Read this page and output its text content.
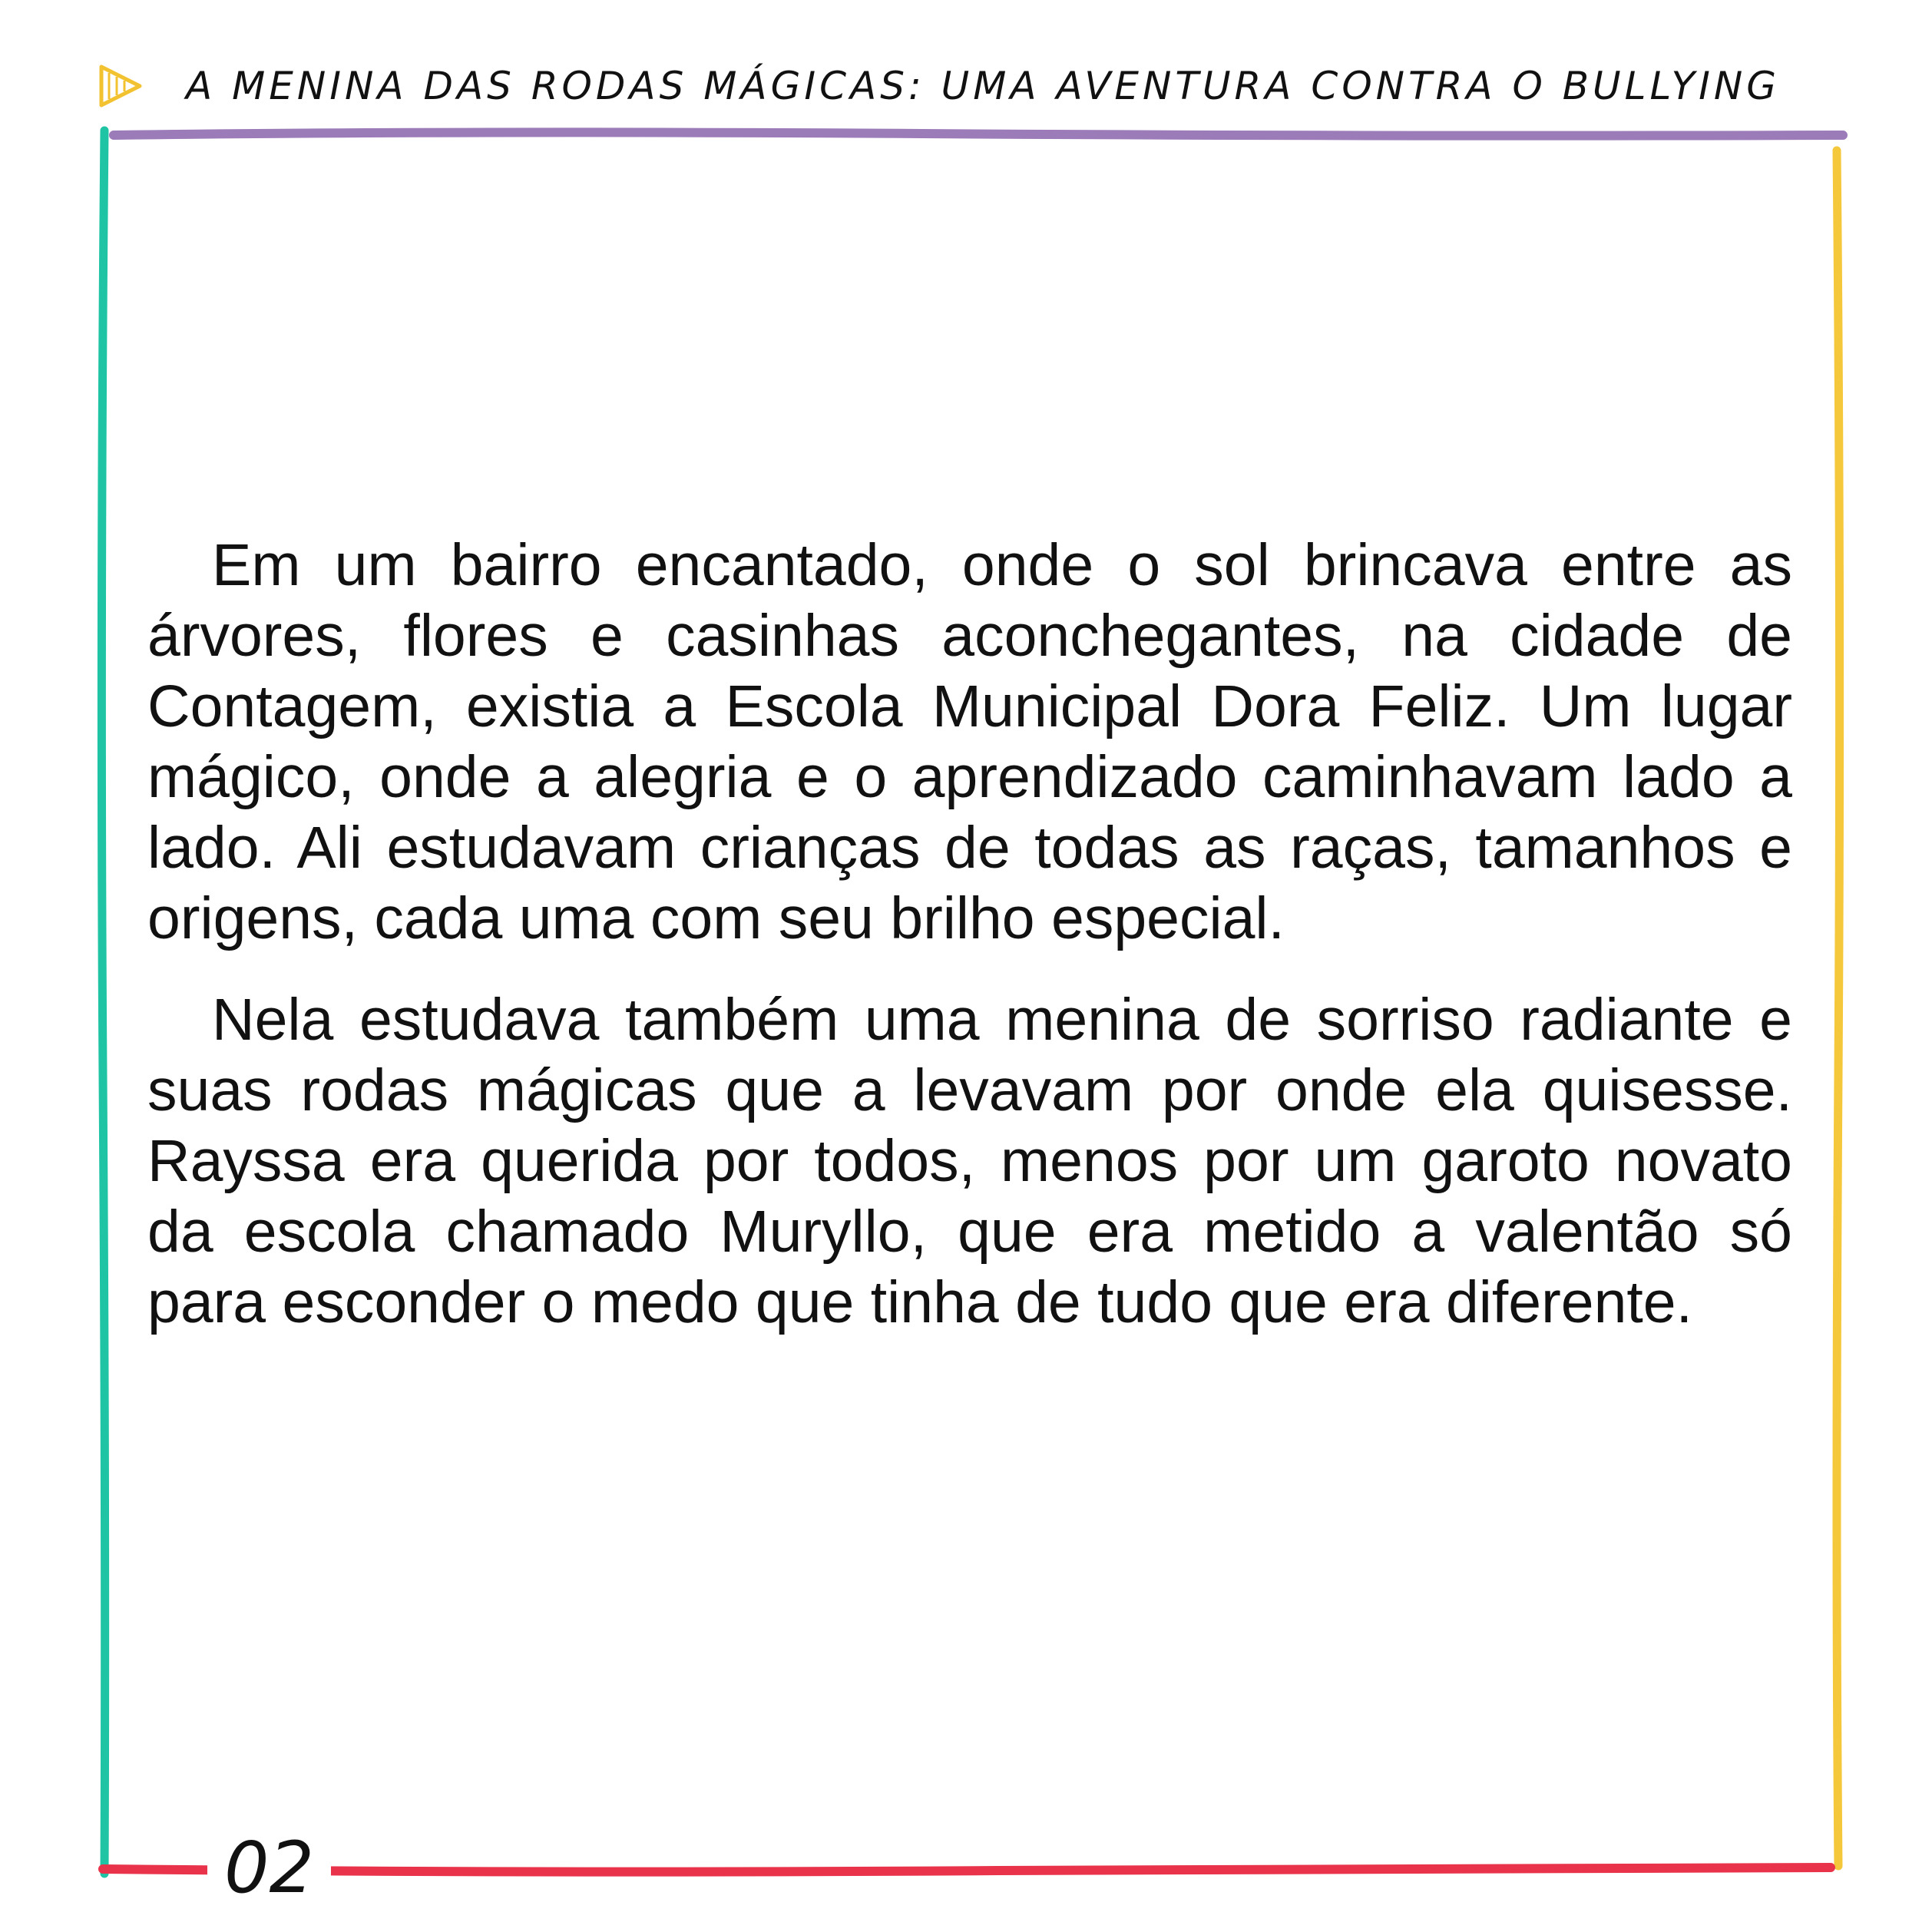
A MENINA DAS RODAS MÁGICAS: UMA AVENTURA CONTRA O BULLYING

Em um bairro encantado, onde o sol brincava entre as árvores, flores e casinhas aconchegantes, na cidade de Contagem, existia a Escola Municipal Dora Feliz. Um lugar mágico, onde a alegria e o aprendizado caminhavam lado a lado. Ali estudavam crianças de todas as raças, tamanhos e origens, cada uma com seu brilho especial.

Nela estudava também uma menina de sorriso radiante e suas rodas mágicas que a levavam por onde ela quisesse. Rayssa era querida por todos, menos por um garoto novato da escola chamado Muryllo, que era metido a valentão só para esconder o medo que tinha de tudo que era diferente.

02
